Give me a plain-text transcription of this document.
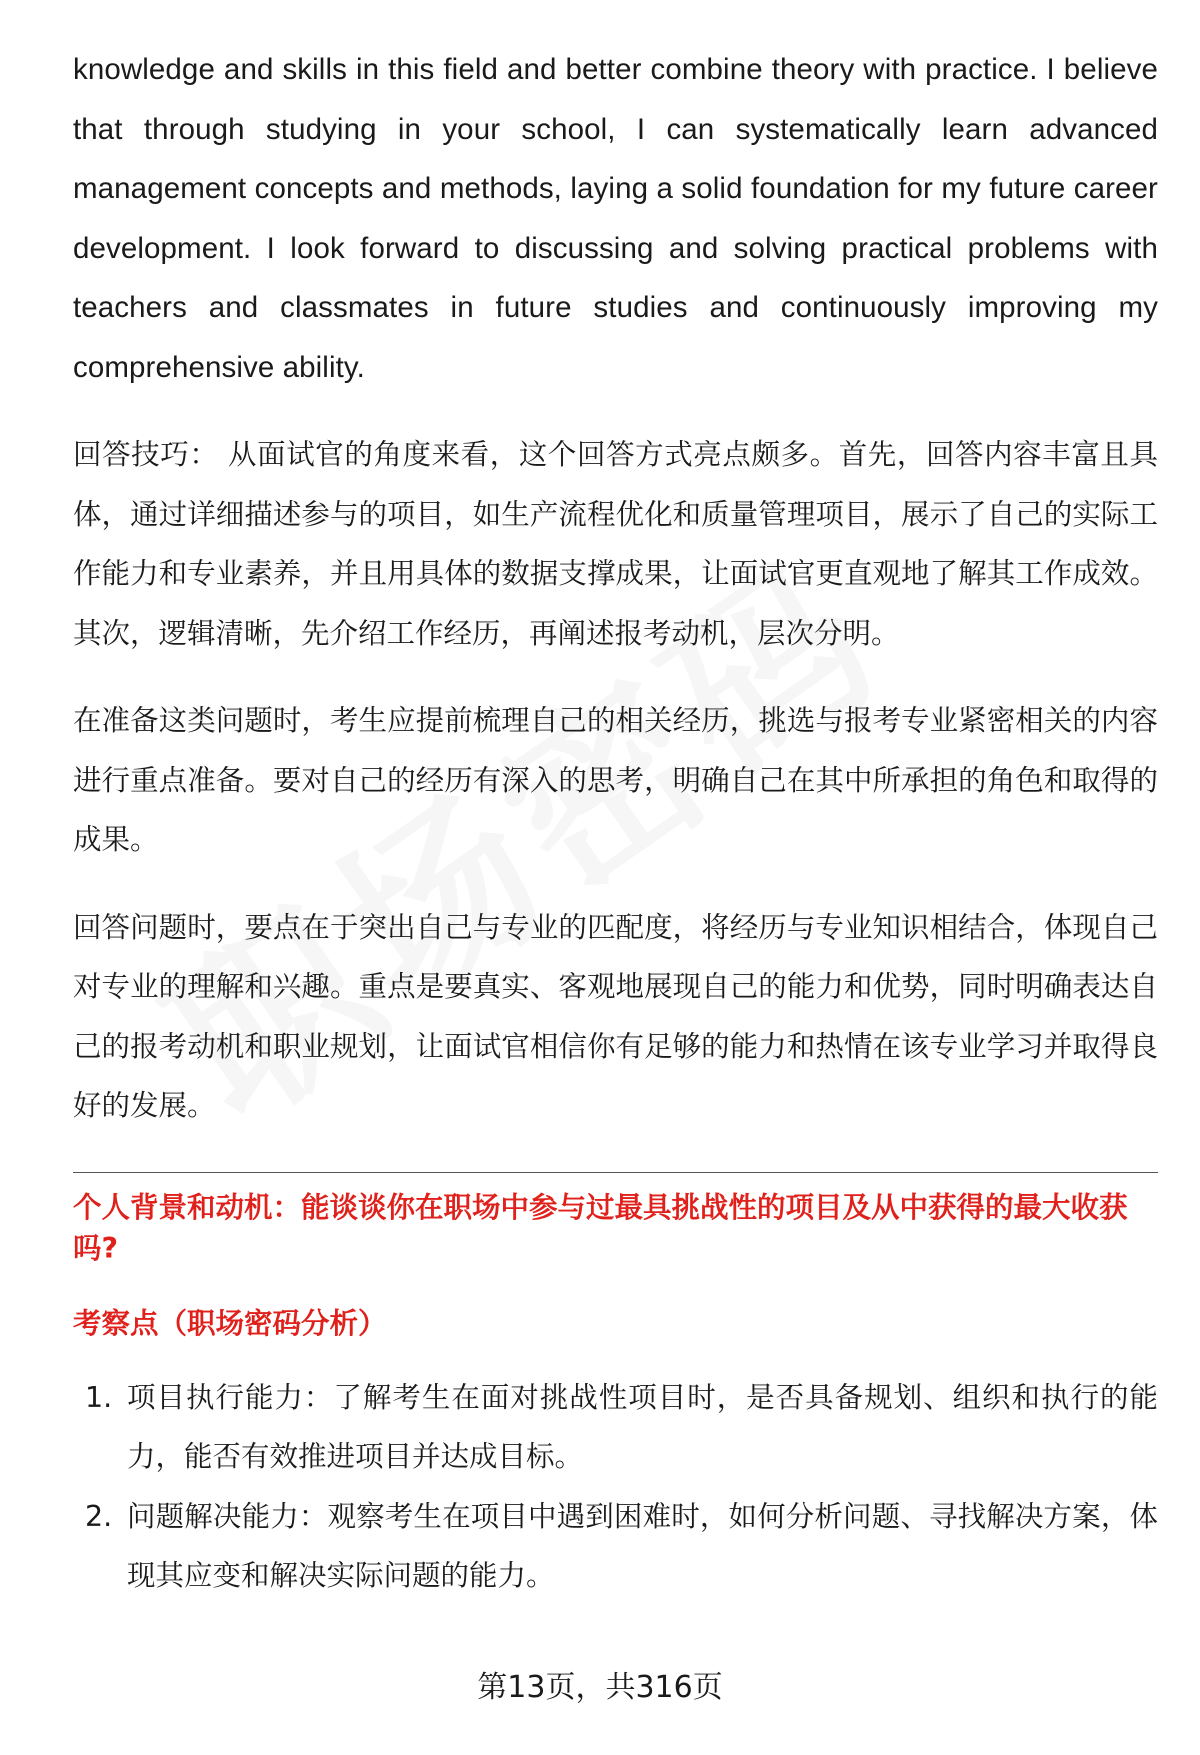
knowledge and skills in this field and better combine theory with practice. I believe that through studying in your school, I can systematically learn advanced management concepts and methods, laying a solid foundation for my future career development. I look forward to discussing and solving practical problems with teachers and classmates in future studies and continuously improving my comprehensive ability.

回答技巧： 从面试官的角度来看，这个回答方式亮点颇多。首先，回答内容丰富且具体，通过详细描述参与的项目，如生产流程优化和质量管理项目，展示了自己的实际工作能力和专业素养，并且用具体的数据支撑成果，让面试官更直观地了解其工作成效。其次，逻辑清晰，先介绍工作经历，再阐述报考动机，层次分明。

在准备这类问题时，考生应提前梳理自己的相关经历，挑选与报考专业紧密相关的内容进行重点准备。要对自己的经历有深入的思考，明确自己在其中所承担的角色和取得的成果。

回答问题时，要点在于突出自己与专业的匹配度，将经历与专业知识相结合，体现自己对专业的理解和兴趣。重点是要真实、客观地展现自己的能力和优势，同时明确表达自己的报考动机和职业规划，让面试官相信你有足够的能力和热情在该专业学习并取得良好的发展。

个人背景和动机：能谈谈你在职场中参与过最具挑战性的项目及从中获得的最大收获吗?

考察点（职场密码分析）

1. 项目执行能力：了解考生在面对挑战性项目时，是否具备规划、组织和执行的能力，能否有效推进项目并达成目标。
2. 问题解决能力：观察考生在项目中遇到困难时，如何分析问题、寻找解决方案，体现其应变和解决实际问题的能力。
第13页，共316页
